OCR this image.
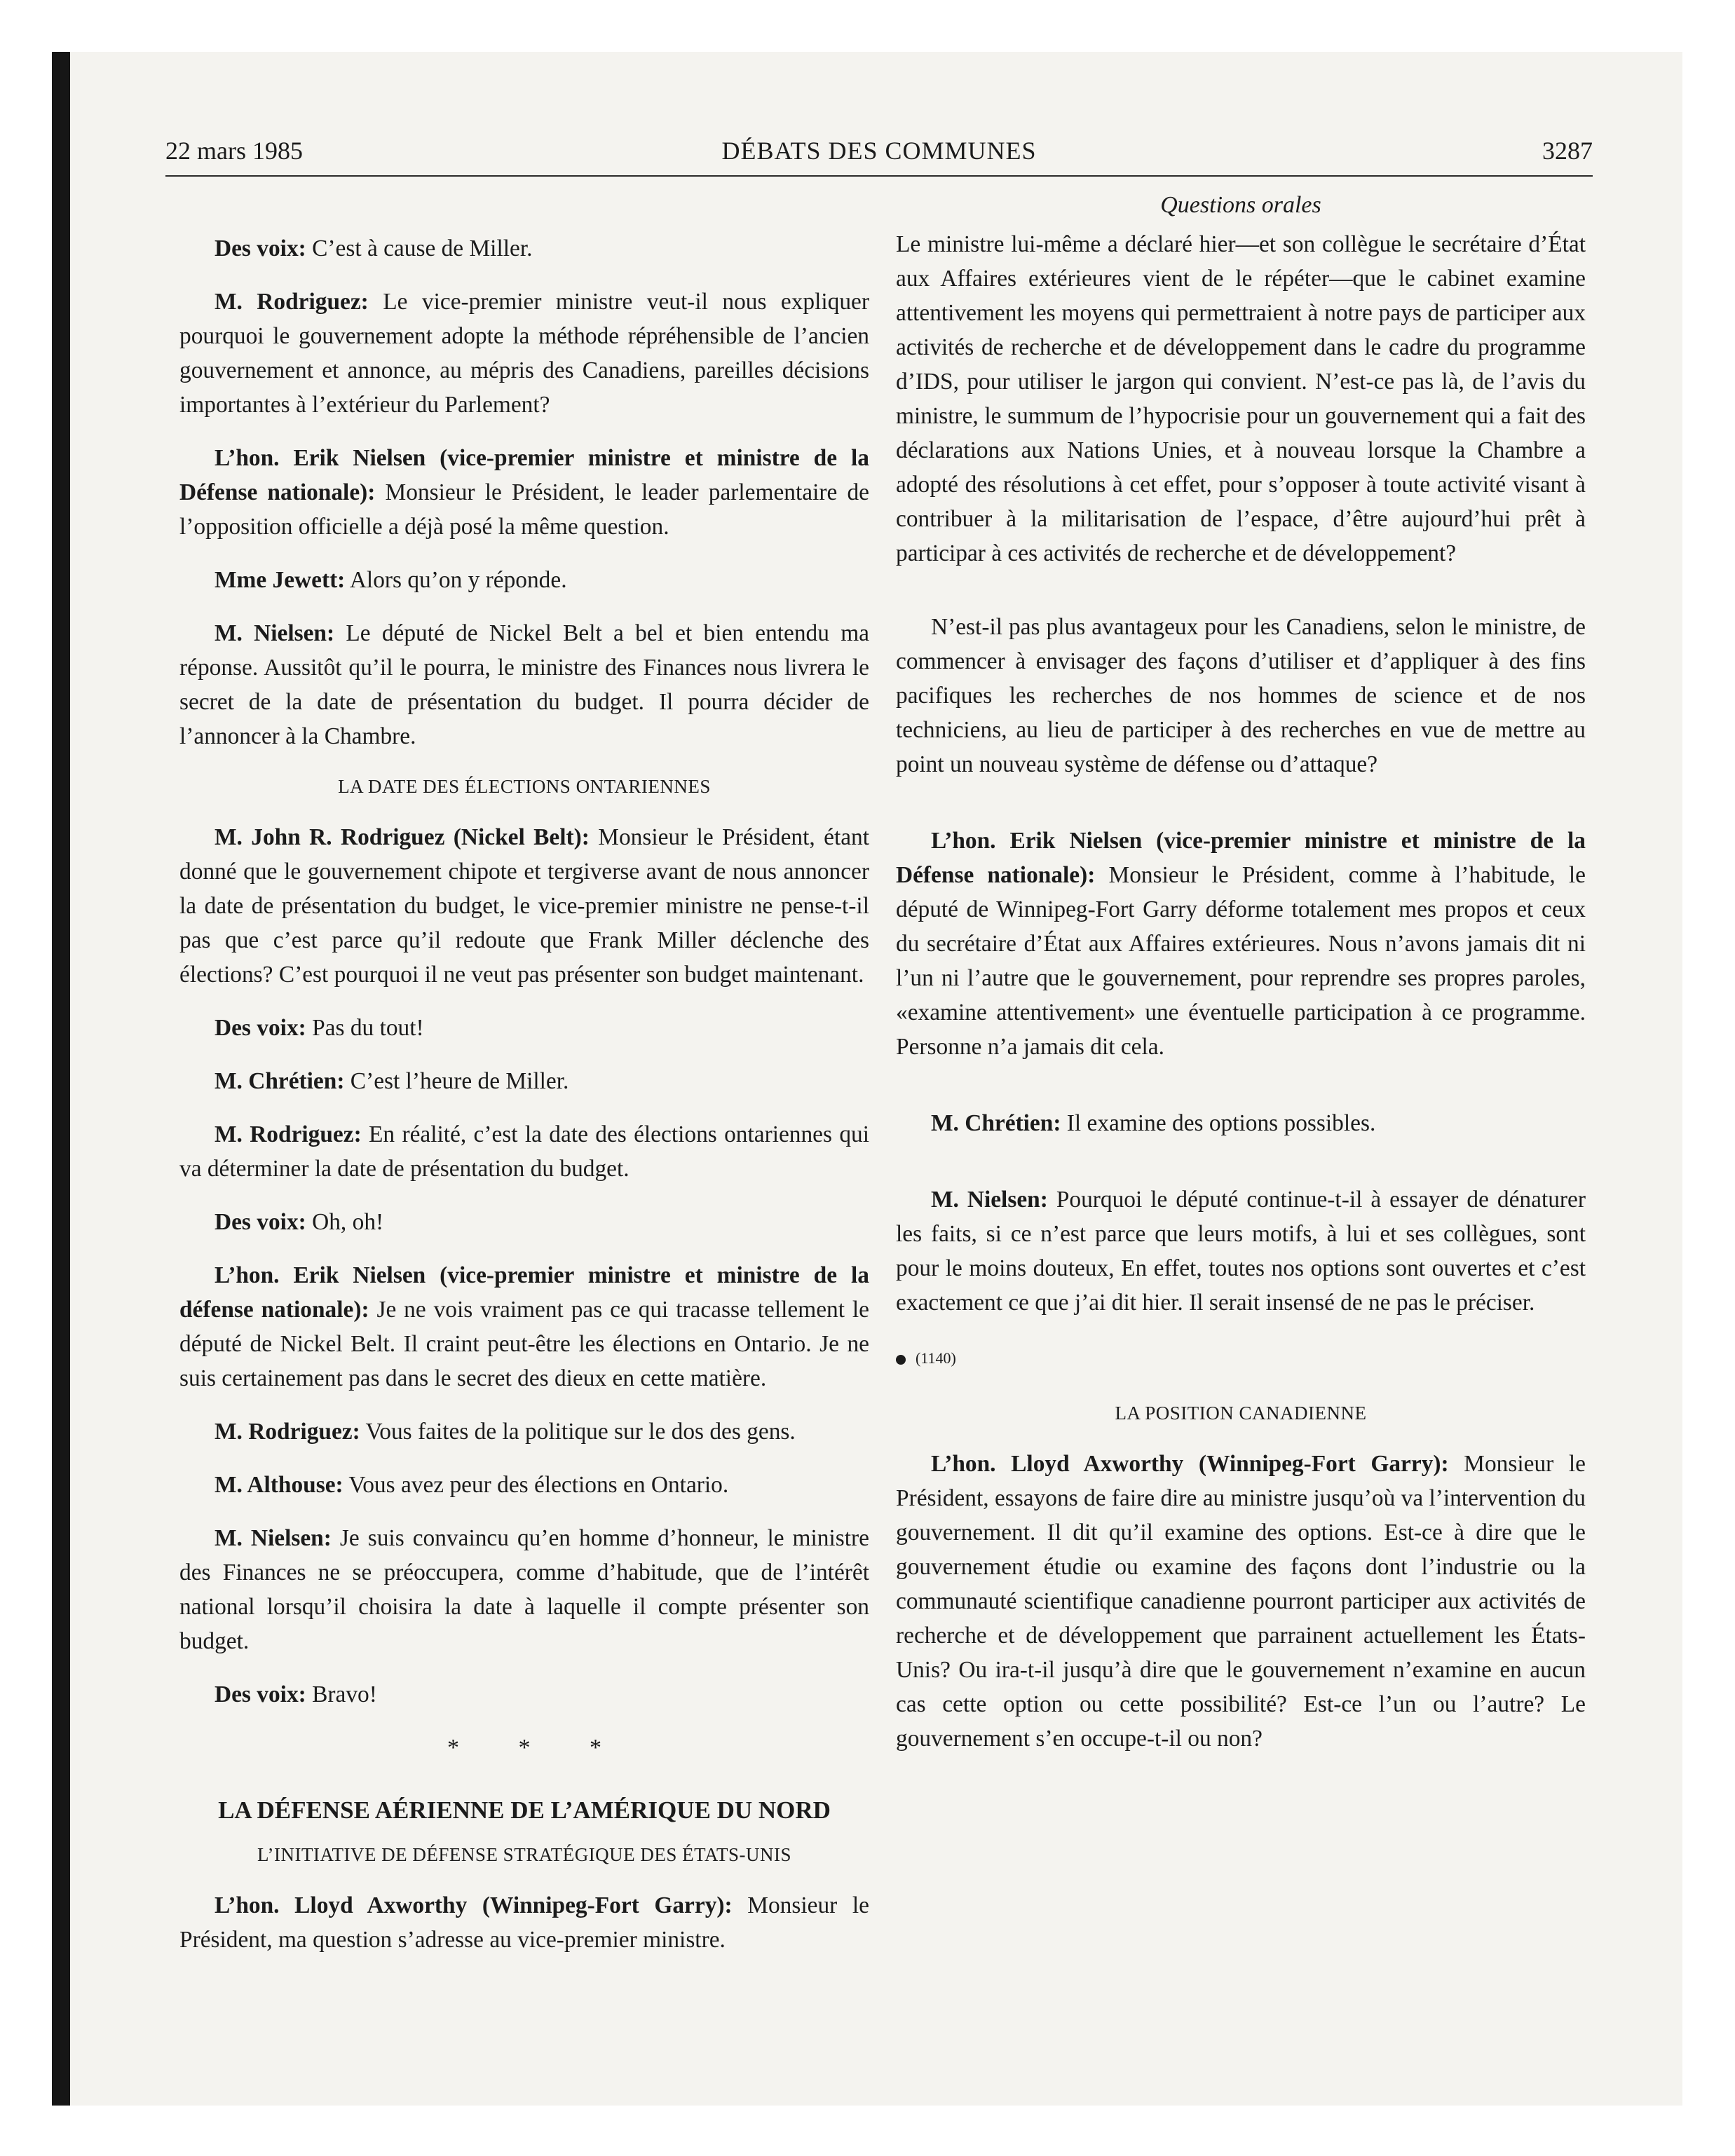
22 mars 1985	DÉBATS DES COMMUNES	3287

Des voix: C’est à cause de Miller.

M. Rodriguez: Le vice-premier ministre veut-il nous expliquer pourquoi le gouvernement adopte la méthode répréhensible de l’ancien gouvernement et annonce, au mépris des Canadiens, pareilles décisions importantes à l’extérieur du Parlement?

L’hon. Erik Nielsen (vice-premier ministre et ministre de la Défense nationale): Monsieur le Président, le leader parlementaire de l’opposition officielle a déjà posé la même question.

Mme Jewett: Alors qu’on y réponde.

M. Nielsen: Le député de Nickel Belt a bel et bien entendu ma réponse. Aussitôt qu’il le pourra, le ministre des Finances nous livrera le secret de la date de présentation du budget. Il pourra décider de l’annoncer à la Chambre.

LA DATE DES ÉLECTIONS ONTARIENNES

M. John R. Rodriguez (Nickel Belt): Monsieur le Président, étant donné que le gouvernement chipote et tergiverse avant de nous annoncer la date de présentation du budget, le vice-premier ministre ne pense-t-il pas que c’est parce qu’il redoute que Frank Miller déclenche des élections? C’est pourquoi il ne veut pas présenter son budget maintenant.

Des voix: Pas du tout!

M. Chrétien: C’est l’heure de Miller.

M. Rodriguez: En réalité, c’est la date des élections ontariennes qui va déterminer la date de présentation du budget.

Des voix: Oh, oh!

L’hon. Erik Nielsen (vice-premier ministre et ministre de la défense nationale): Je ne vois vraiment pas ce qui tracasse tellement le député de Nickel Belt. Il craint peut-être les élections en Ontario. Je ne suis certainement pas dans le secret des dieux en cette matière.

M. Rodriguez: Vous faites de la politique sur le dos des gens.

M. Althouse: Vous avez peur des élections en Ontario.

M. Nielsen: Je suis convaincu qu’en homme d’honneur, le ministre des Finances ne se préoccupera, comme d’habitude, que de l’intérêt national lorsqu’il choisira la date à laquelle il compte présenter son budget.

Des voix: Bravo!

* * *
LA DÉFENSE AÉRIENNE DE L’AMÉRIQUE DU NORD
L’INITIATIVE DE DÉFENSE STRATÉGIQUE DES ÉTATS-UNIS

L’hon. Lloyd Axworthy (Winnipeg-Fort Garry): Monsieur le Président, ma question s’adresse au vice-premier ministre.

Questions orales

Le ministre lui-même a déclaré hier—et son collègue le secrétaire d’État aux Affaires extérieures vient de le répéter—que le cabinet examine attentivement les moyens qui permettraient à notre pays de participer aux activités de recherche et de développement dans le cadre du programme d’IDS, pour utiliser le jargon qui convient. N’est-ce pas là, de l’avis du ministre, le summum de l’hypocrisie pour un gouvernement qui a fait des déclarations aux Nations Unies, et à nouveau lorsque la Chambre a adopté des résolutions à cet effet, pour s’opposer à toute activité visant à contribuer à la militarisation de l’espace, d’être aujourd’hui prêt à participar à ces activités de recherche et de développement?

N’est-il pas plus avantageux pour les Canadiens, selon le ministre, de commencer à envisager des façons d’utiliser et d’appliquer à des fins pacifiques les recherches de nos hommes de science et de nos techniciens, au lieu de participer à des recherches en vue de mettre au point un nouveau système de défense ou d’attaque?

L’hon. Erik Nielsen (vice-premier ministre et ministre de la Défense nationale): Monsieur le Président, comme à l’habitude, le député de Winnipeg-Fort Garry déforme totalement mes propos et ceux du secrétaire d’État aux Affaires extérieures. Nous n’avons jamais dit ni l’un ni l’autre que le gouvernement, pour reprendre ses propres paroles, «examine attentivement» une éventuelle participation à ce programme. Personne n’a jamais dit cela.

M. Chrétien: Il examine des options possibles.

M. Nielsen: Pourquoi le député continue-t-il à essayer de dénaturer les faits, si ce n’est parce que leurs motifs, à lui et ses collègues, sont pour le moins douteux, En effet, toutes nos options sont ouvertes et c’est exactement ce que j’ai dit hier. Il serait insensé de ne pas le préciser.

(1140)
LA POSITION CANADIENNE

L’hon. Lloyd Axworthy (Winnipeg-Fort Garry): Monsieur le Président, essayons de faire dire au ministre jusqu’où va l’intervention du gouvernement. Il dit qu’il examine des options. Est-ce à dire que le gouvernement étudie ou examine des façons dont l’industrie ou la communauté scientifique canadienne pourront participer aux activités de recherche et de développement que parrainent actuellement les États-Unis? Ou ira-t-il jusqu’à dire que le gouvernement n’examine en aucun cas cette option ou cette possibilité? Est-ce l’un ou l’autre? Le gouvernement s’en occupe-t-il ou non?
